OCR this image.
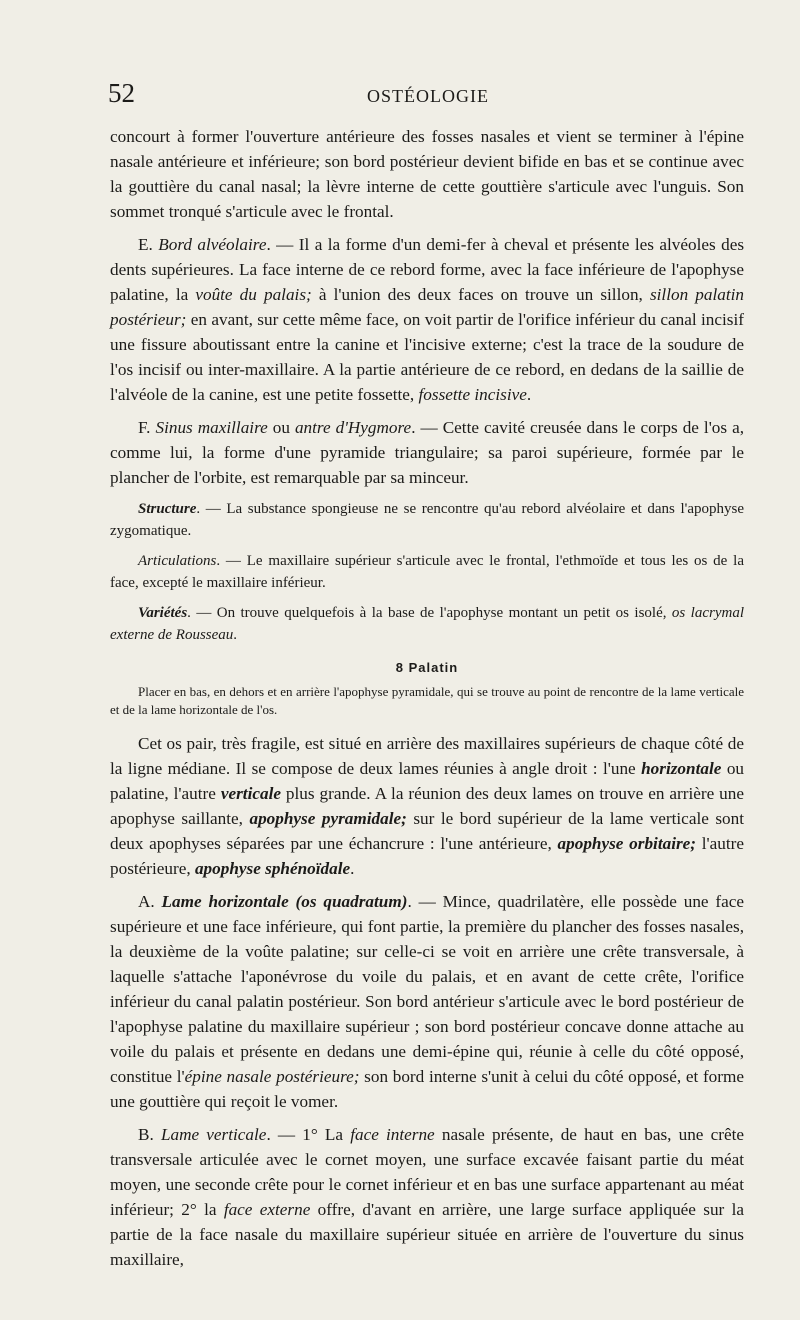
52	OSTÉOLOGIE

concourt à former l'ouverture antérieure des fosses nasales et vient se terminer à l'épine nasale antérieure et inférieure; son bord postérieur devient bifide en bas et se continue avec la gouttière du canal nasal; la lèvre interne de cette gouttière s'articule avec l'unguis. Son sommet tronqué s'articule avec le frontal.

E. Bord alvéolaire. — Il a la forme d'un demi-fer à cheval et présente les alvéoles des dents supérieures. La face interne de ce rebord forme, avec la face inférieure de l'apophyse palatine, la voûte du palais; à l'union des deux faces on trouve un sillon, sillon palatin postérieur; en avant, sur cette même face, on voit partir de l'orifice inférieur du canal incisif une fissure aboutissant entre la canine et l'incisive externe; c'est la trace de la soudure de l'os incisif ou inter-maxillaire. A la partie antérieure de ce rebord, en dedans de la saillie de l'alvéole de la canine, est une petite fossette, fossette incisive.

F. Sinus maxillaire ou antre d'Hygmore. — Cette cavité creusée dans le corps de l'os a, comme lui, la forme d'une pyramide triangulaire; sa paroi supérieure, formée par le plancher de l'orbite, est remarquable par sa minceur.

Structure. — La substance spongieuse ne se rencontre qu'au rebord alvéolaire et dans l'apophyse zygomatique.

Articulations. — Le maxillaire supérieur s'articule avec le frontal, l'ethmoïde et tous les os de la face, excepté le maxillaire inférieur.

Variétés. — On trouve quelquefois à la base de l'apophyse montant un petit os isolé, os lacrymal externe de Rousseau.

8 Palatin

Placer en bas, en dehors et en arrière l'apophyse pyramidale, qui se trouve au point de rencontre de la lame verticale et de la lame horizontale de l'os.

Cet os pair, très fragile, est situé en arrière des maxillaires supérieurs de chaque côté de la ligne médiane. Il se compose de deux lames réunies à angle droit : l'une horizontale ou palatine, l'autre verticale plus grande. A la réunion des deux lames on trouve en arrière une apophyse saillante, apophyse pyramidale; sur le bord supérieur de la lame verticale sont deux apophyses séparées par une échancrure : l'une antérieure, apophyse orbitaire; l'autre postérieure, apophyse sphénoïdale.

A. Lame horizontale (os quadratum). — Mince, quadrilatère, elle possède une face supérieure et une face inférieure, qui font partie, la première du plancher des fosses nasales, la deuxième de la voûte palatine; sur celle-ci se voit en arrière une crête transversale, à laquelle s'attache l'aponévrose du voile du palais, et en avant de cette crête, l'orifice inférieur du canal palatin postérieur. Son bord antérieur s'articule avec le bord postérieur de l'apophyse palatine du maxillaire supérieur ; son bord postérieur concave donne attache au voile du palais et présente en dedans une demi-épine qui, réunie à celle du côté opposé, constitue l'épine nasale postérieure; son bord interne s'unit à celui du côté opposé, et forme une gouttière qui reçoit le vomer.

B. Lame verticale. — 1° La face interne nasale présente, de haut en bas, une crête transversale articulée avec le cornet moyen, une surface excavée faisant partie du méat moyen, une seconde crête pour le cornet inférieur et en bas une surface appartenant au méat inférieur; 2° la face externe offre, d'avant en arrière, une large surface appliquée sur la partie de la face nasale du maxillaire supérieur située en arrière de l'ouverture du sinus maxillaire,
